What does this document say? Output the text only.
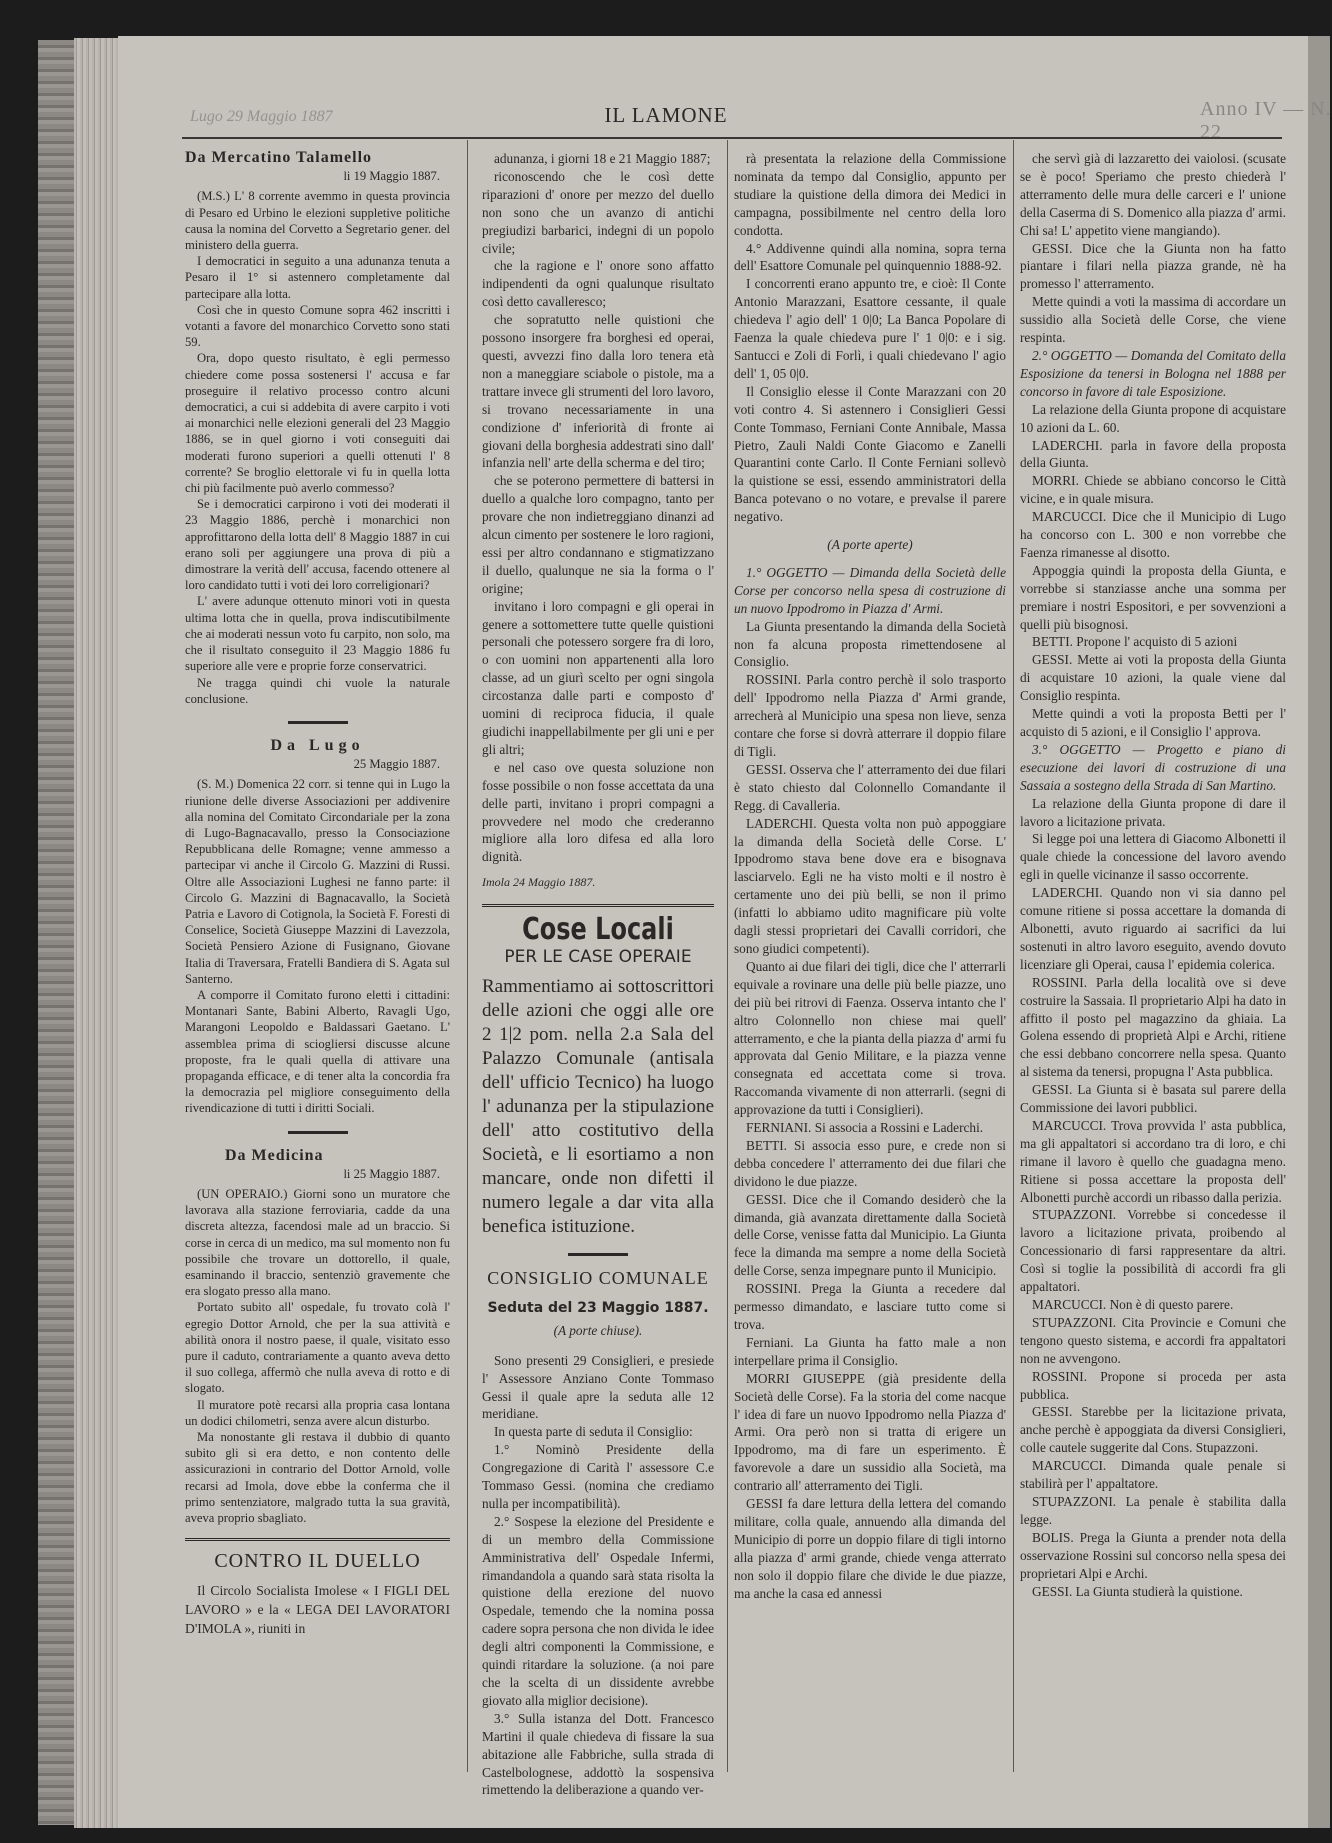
Lugo 29 Maggio 1887	Anno IV — N. 22
IL LAMONE
Da Mercatino Talamello
li 19 Maggio 1887.

(M.S.) L' 8 corrente avemmo in questa provincia di Pesaro ed Urbino le elezioni suppletive politiche causa la nomina del Corvetto a Segretario gener. del ministero della guerra.

I democratici in seguito a una adunanza tenuta a Pesaro il 1° si astennero completamente dal partecipare alla lotta.

Così che in questo Comune sopra 462 inscritti i votanti a favore del monarchico Corvetto sono stati 59.

Ora, dopo questo risultato, è egli permesso chiedere come possa sostenersi l' accusa e far proseguire il relativo processo contro alcuni democratici, a cui si addebita di avere carpito i voti ai monarchici nelle elezioni generali del 23 Maggio 1886, se in quel giorno i voti conseguiti dai moderati furono superiori a quelli ottenuti l' 8 corrente? Se broglio elettorale vi fu in quella lotta chi più facilmente può averlo commesso?

Se i democratici carpirono i voti dei moderati il 23 Maggio 1886, perchè i monarchici non approfittarono della lotta dell' 8 Maggio 1887 in cui erano soli per aggiungere una prova di più a dimostrare la verità dell' accusa, facendo ottenere al loro candidato tutti i voti dei loro correligionari?

L' avere adunque ottenuto minori voti in questa ultima lotta che in quella, prova indiscutibilmente che ai moderati nessun voto fu carpito, non solo, ma che il risultato conseguito il 23 Maggio 1886 fu superiore alle vere e proprie forze conservatrici.

Ne tragga quindi chi vuole la naturale conclusione.

Da Lugo
25 Maggio 1887.

(S. M.) Domenica 22 corr. si tenne qui in Lugo la riunione delle diverse Associazioni per addivenire alla nomina del Comitato Circondariale per la zona di Lugo-Bagnacavallo, presso la Consociazione Repubblicana delle Romagne; venne ammesso a partecipar vi anche il Circolo G. Mazzini di Russi. Oltre alle Associazioni Lughesi ne fanno parte: il Circolo G. Mazzini di Bagnacavallo, la Società Patria e Lavoro di Cotignola, la Società F. Foresti di Conselice, Società Giuseppe Mazzini di Lavezzola, Società Pensiero Azione di Fusignano, Giovane Italia di Traversara, Fratelli Bandiera di S. Agata sul Santerno.

A comporre il Comitato furono eletti i cittadini: Montanari Sante, Babini Alberto, Ravagli Ugo, Marangoni Leopoldo e Baldassari Gaetano. L' assemblea prima di sciogliersi discusse alcune proposte, fra le quali quella di attivare una propaganda efficace, e di tener alta la concordia fra la democrazia pel migliore conseguimento della rivendicazione di tutti i diritti Sociali.

Da Medicina
li 25 Maggio 1887.

(UN OPERAIO.) Giorni sono un muratore che lavorava alla stazione ferroviaria, cadde da una discreta altezza, facendosi male ad un braccio. Si corse in cerca di un medico, ma sul momento non fu possibile che trovare un dottorello, il quale, esaminando il braccio, sentenziò gravemente che era slogato presso alla mano.

Portato subito all' ospedale, fu trovato colà l' egregio Dottor Arnold, che per la sua attività e abilità onora il nostro paese, il quale, visitato esso pure il caduto, contrariamente a quanto aveva detto il suo collega, affermò che nulla aveva di rotto e di slogato.

Il muratore potè recarsi alla propria casa lontana un dodici chilometri, senza avere alcun disturbo.

Ma nonostante gli restava il dubbio di quanto subito gli si era detto, e non contento delle assicurazioni in contrario del Dottor Arnold, volle recarsi ad Imola, dove ebbe la conferma che il primo sentenziatore, malgrado tutta la sua gravità, aveva proprio sbagliato.

CONTRO IL DUELLO

Il Circolo Socialista Imolese « I FIGLI DEL LAVORO » e la « LEGA DEI LAVORATORI D'IMOLA », riuniti in

adunanza, i giorni 18 e 21 Maggio 1887;

riconoscendo che le così dette riparazioni d' onore per mezzo del duello non sono che un avanzo di antichi pregiudizi barbarici, indegni di un popolo civile;

che la ragione e l' onore sono affatto indipendenti da ogni qualunque risultato così detto cavalleresco;

che sopratutto nelle quistioni che possono insorgere fra borghesi ed operai, questi, avvezzi fino dalla loro tenera età non a maneggiare sciabole o pistole, ma a trattare invece gli strumenti del loro lavoro, si trovano necessariamente in una condizione d' inferiorità di fronte ai giovani della borghesia addestrati sino dall' infanzia nell' arte della scherma e del tiro;

che se poterono permettere di battersi in duello a qualche loro compagno, tanto per provare che non indietreggiano dinanzi ad alcun cimento per sostenere le loro ragioni, essi per altro condannano e stigmatizzano il duello, qualunque ne sia la forma o l' origine;

invitano i loro compagni e gli operai in genere a sottomettere tutte quelle quistioni personali che potessero sorgere fra di loro, o con uomini non appartenenti alla loro classe, ad un giurì scelto per ogni singola circostanza dalle parti e composto d' uomini di reciproca fiducia, il quale giudichi inappellabilmente per gli uni e per gli altri;

e nel caso ove questa soluzione non fosse possibile o non fosse accettata da una delle parti, invitano i propri compagni a provvedere nel modo che crederanno migliore alla loro difesa ed alla loro dignità.

Imola 24 Maggio 1887.
Cose Locali
PER LE CASE OPERAIE
Rammentiamo ai sottoscrittori delle azioni che oggi alle ore 2 1|2 pom. nella 2.a Sala del Palazzo Comunale (antisala dell' ufficio Tecnico) ha luogo l' adunanza per la stipulazione dell' atto costitutivo della Società, e li esortiamo a non mancare, onde non difetti il numero legale a dar vita alla benefica istituzione.
CONSIGLIO COMUNALE
Seduta del 23 Maggio 1887.
(A porte chiuse).

Sono presenti 29 Consiglieri, e presiede l' Assessore Anziano Conte Tommaso Gessi il quale apre la seduta alle 12 meridiane.

In questa parte di seduta il Consiglio:

1.° Nominò Presidente della Congregazione di Carità l' assessore C.e Tommaso Gessi. (nomina che crediamo nulla per incompatibilità).

2.° Sospese la elezione del Presidente e di un membro della Commissione Amministrativa dell' Ospedale Infermi, rimandandola a quando sarà stata risolta la quistione della erezione del nuovo Ospedale, temendo che la nomina possa cadere sopra persona che non divida le idee degli altri componenti la Commissione, e quindi ritardare la soluzione. (a noi pare che la scelta di un dissidente avrebbe giovato alla miglior decisione).

3.° Sulla istanza del Dott. Francesco Martini il quale chiedeva di fissare la sua abitazione alle Fabbriche, sulla strada di Castelbolognese, addottò la sospensiva rimettendo la deliberazione a quando ver-

rà presentata la relazione della Commissione nominata da tempo dal Consiglio, appunto per studiare la quistione della dimora dei Medici in campagna, possibilmente nel centro della loro condotta.

4.° Addivenne quindi alla nomina, sopra terna dell' Esattore Comunale pel quinquennio 1888-92.

I concorrenti erano appunto tre, e cioè: Il Conte Antonio Marazzani, Esattore cessante, il quale chiedeva l' agio dell' 1 0|0; La Banca Popolare di Faenza la quale chiedeva pure l' 1 0|0: e i sig. Santucci e Zoli di Forlì, i quali chiedevano l' agio dell' 1, 05 0|0.

Il Consiglio elesse il Conte Marazzani con 20 voti contro 4. Si astennero i Consiglieri Gessi Conte Tommaso, Ferniani Conte Annibale, Massa Pietro, Zauli Naldi Conte Giacomo e Zanelli Quarantini conte Carlo. Il Conte Ferniani sollevò la quistione se essi, essendo amministratori della Banca potevano o no votare, e prevalse il parere negativo.

(A porte aperte)

1.° OGGETTO — Dimanda della Società delle Corse per concorso nella spesa di costruzione di un nuovo Ippodromo in Piazza d' Armi.

La Giunta presentando la dimanda della Società non fa alcuna proposta rimettendosene al Consiglio.

ROSSINI. Parla contro perchè il solo trasporto dell' Ippodromo nella Piazza d' Armi grande, arrecherà al Municipio una spesa non lieve, senza contare che forse si dovrà atterrare il doppio filare di Tigli.

GESSI. Osserva che l' atterramento dei due filari è stato chiesto dal Colonnello Comandante il Regg. di Cavalleria.

LADERCHI. Questa volta non può appoggiare la dimanda della Società delle Corse. L' Ippodromo stava bene dove era e bisognava lasciarvelo. Egli ne ha visto molti e il nostro è certamente uno dei più belli, se non il primo (infatti lo abbiamo udito magnificare più volte dagli stessi proprietari dei Cavalli corridori, che sono giudici competenti).

Quanto ai due filari dei tigli, dice che l' atterrarli equivale a rovinare una delle più belle piazze, uno dei più bei ritrovi di Faenza. Osserva intanto che l' altro Colonnello non chiese mai quell' atterramento, e che la pianta della piazza d' armi fu approvata dal Genio Militare, e la piazza venne consegnata ed accettata come si trova. Raccomanda vivamente di non atterrarli. (segni di approvazione da tutti i Consiglieri).

FERNIANI. Si associa a Rossini e Laderchi.

BETTI. Si associa esso pure, e crede non si debba concedere l' atterramento dei due filari che dividono le due piazze.

GESSI. Dice che il Comando desiderò che la dimanda, già avanzata direttamente dalla Società delle Corse, venisse fatta dal Municipio. La Giunta fece la dimanda ma sempre a nome della Società delle Corse, senza impegnare punto il Municipio.

ROSSINI. Prega la Giunta a recedere dal permesso dimandato, e lasciare tutto come si trova.

Ferniani. La Giunta ha fatto male a non interpellare prima il Consiglio.

MORRI GIUSEPPE (già presidente della Società delle Corse). Fa la storia del come nacque l' idea di fare un nuovo Ippodromo nella Piazza d' Armi. Ora però non si tratta di erigere un Ippodromo, ma di fare un esperimento. È favorevole a dare un sussidio alla Società, ma contrario all' atterramento dei Tigli.

GESSI fa dare lettura della lettera del comando militare, colla quale, annuendo alla dimanda del Municipio di porre un doppio filare di tigli intorno alla piazza d' armi grande, chiede venga atterrato non solo il doppio filare che divide le due piazze, ma anche la casa ed annessi

che servì già di lazzaretto dei vaiolosi. (scusate se è poco! Speriamo che presto chiederà l' atterramento delle mura delle carceri e l' unione della Caserma di S. Domenico alla piazza d' armi. Chi sa! L' appetito viene mangiando).

GESSI. Dice che la Giunta non ha fatto piantare i filari nella piazza grande, nè ha promesso l' atterramento.

Mette quindi a voti la massima di accordare un sussidio alla Società delle Corse, che viene respinta.

2.° OGGETTO — Domanda del Comitato della Esposizione da tenersi in Bologna nel 1888 per concorso in favore di tale Esposizione.

La relazione della Giunta propone di acquistare 10 azioni da L. 60.

LADERCHI. parla in favore della proposta della Giunta.

MORRI. Chiede se abbiano concorso le Città vicine, e in quale misura.

MARCUCCI. Dice che il Municipio di Lugo ha concorso con L. 300 e non vorrebbe che Faenza rimanesse al disotto.

Appoggia quindi la proposta della Giunta, e vorrebbe si stanziasse anche una somma per premiare i nostri Espositori, e per sovvenzioni a quelli più bisognosi.

BETTI. Propone l' acquisto di 5 azioni

GESSI. Mette ai voti la proposta della Giunta di acquistare 10 azioni, la quale viene dal Consiglio respinta.

Mette quindi a voti la proposta Betti per l' acquisto di 5 azioni, e il Consiglio l' approva.

3.° OGGETTO — Progetto e piano di esecuzione dei lavori di costruzione di una Sassaia a sostegno della Strada di San Martino.

La relazione della Giunta propone di dare il lavoro a licitazione privata.

Si legge poi una lettera di Giacomo Albonetti il quale chiede la concessione del lavoro avendo egli in quelle vicinanze il sasso occorrente.

LADERCHI. Quando non vi sia danno pel comune ritiene si possa accettare la domanda di Albonetti, avuto riguardo ai sacrifici da lui sostenuti in altro lavoro eseguito, avendo dovuto licenziare gli Operai, causa l' epidemia colerica.

ROSSINI. Parla della località ove si deve costruire la Sassaia. Il proprietario Alpi ha dato in affitto il posto pel magazzino da ghiaia. La Golena essendo di proprietà Alpi e Archi, ritiene che essi debbano concorrere nella spesa. Quanto al sistema da tenersi, propugna l' Asta pubblica.

GESSI. La Giunta si è basata sul parere della Commissione dei lavori pubblici.

MARCUCCI. Trova provvida l' asta pubblica, ma gli appaltatori si accordano tra di loro, e chi rimane il lavoro è quello che guadagna meno. Ritiene si possa accettare la proposta dell' Albonetti purchè accordi un ribasso dalla perizia.

STUPAZZONI. Vorrebbe si concedesse il lavoro a licitazione privata, proibendo al Concessionario di farsi rappresentare da altri. Così si toglie la possibilità di accordi fra gli appaltatori.

MARCUCCI. Non è di questo parere.

STUPAZZONI. Cita Provincie e Comuni che tengono questo sistema, e accordi fra appaltatori non ne avvengono.

ROSSINI. Propone si proceda per asta pubblica.

GESSI. Starebbe per la licitazione privata, anche perchè è appoggiata da diversi Consiglieri, colle cautele suggerite dal Cons. Stupazzoni.

MARCUCCI. Dimanda quale penale si stabilirà per l' appaltatore.

STUPAZZONI. La penale è stabilita dalla legge.

BOLIS. Prega la Giunta a prender nota della osservazione Rossini sul concorso nella spesa dei proprietari Alpi e Archi.

GESSI. La Giunta studierà la quistione.
